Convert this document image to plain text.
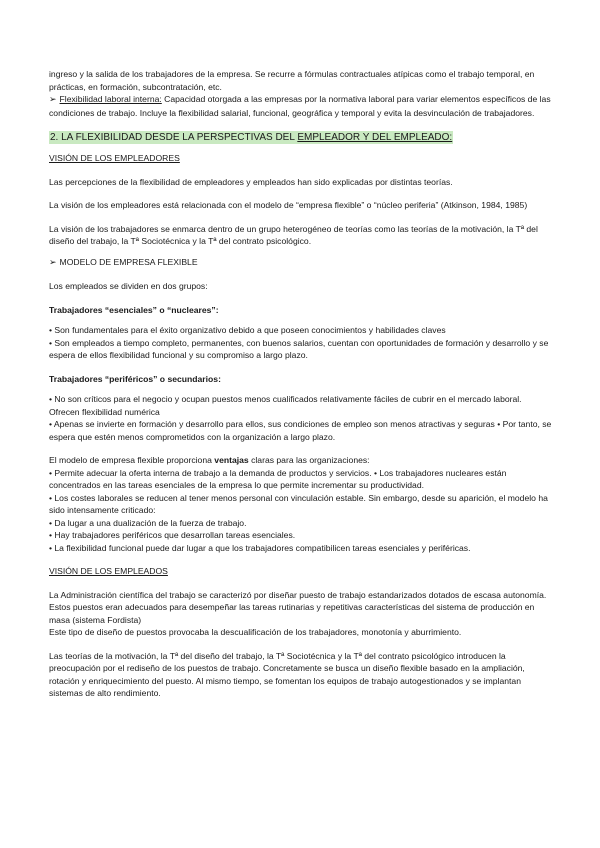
ingreso y la salida de los trabajadores de la empresa. Se recurre a fórmulas contractuales atípicas como el trabajo temporal, en prácticas, en formación, subcontratación, etc.

➢ Flexibilidad laboral interna: Capacidad otorgada a las empresas por la normativa laboral para variar elementos específicos de las condiciones de trabajo. Incluye la flexibilidad salarial, funcional, geográfica y temporal y evita la desvinculación de trabajadores.

2. LA FLEXIBILIDAD DESDE LA PERSPECTIVAS DEL EMPLEADOR Y DEL EMPLEADO:

VISIÓN DE LOS EMPLEADORES

Las percepciones de la flexibilidad de empleadores y empleados han sido explicadas por distintas teorías.

La visión de los empleadores está relacionada con el modelo de “empresa flexible” o “núcleo periferia” (Atkinson, 1984, 1985)

La visión de los trabajadores se enmarca dentro de un grupo heterogéneo de teorías como las teorías de la motivación, la Tª del diseño del trabajo, la Tª Sociotécnica y la Tª del contrato psicológico.

➢ MODELO DE EMPRESA FLEXIBLE

Los empleados se dividen en dos grupos:

Trabajadores “esenciales” o “nucleares”:

• Son fundamentales para el éxito organizativo debido a que poseen conocimientos y habilidades claves

• Son empleados a tiempo completo, permanentes, con buenos salarios, cuentan con oportunidades de formación y desarrollo y se espera de ellos flexibilidad funcional y su compromiso a largo plazo.

Trabajadores “periféricos” o secundarios:

• No son críticos para el negocio y ocupan puestos menos cualificados relativamente fáciles de cubrir en el mercado laboral. Ofrecen flexibilidad numérica

• Apenas se invierte en formación y desarrollo para ellos, sus condiciones de empleo son menos atractivas y seguras • Por tanto, se espera que estén menos comprometidos con la organización a largo plazo.

El modelo de empresa flexible proporciona ventajas claras para las organizaciones:

• Permite adecuar la oferta interna de trabajo a la demanda de productos y servicios. • Los trabajadores nucleares están concentrados en las tareas esenciales de la empresa lo que permite incrementar su productividad.

• Los costes laborales se reducen al tener menos personal con vinculación estable. Sin embargo, desde su aparición, el modelo ha sido intensamente criticado:

• Da lugar a una dualización de la fuerza de trabajo.

• Hay trabajadores periféricos que desarrollan tareas esenciales.

• La flexibilidad funcional puede dar lugar a que los trabajadores compatibilicen tareas esenciales y periféricas.

VISIÓN DE LOS EMPLEADOS

La Administración científica del trabajo se caracterizó por diseñar puesto de trabajo estandarizados dotados de escasa autonomía. Estos puestos eran adecuados para desempeñar las tareas rutinarias y repetitivas características del sistema de producción en masa (sistema Fordista)

Este tipo de diseño de puestos provocaba la descualificación de los trabajadores, monotonía y aburrimiento.

Las teorías de la motivación, la Tª del diseño del trabajo, la Tª Sociotécnica y la Tª del contrato psicológico introducen la preocupación por el rediseño de los puestos de trabajo. Concretamente se busca un diseño flexible basado en la ampliación, rotación y enriquecimiento del puesto. Al mismo tiempo, se fomentan los equipos de trabajo autogestionados y se implantan sistemas de alto rendimiento.
